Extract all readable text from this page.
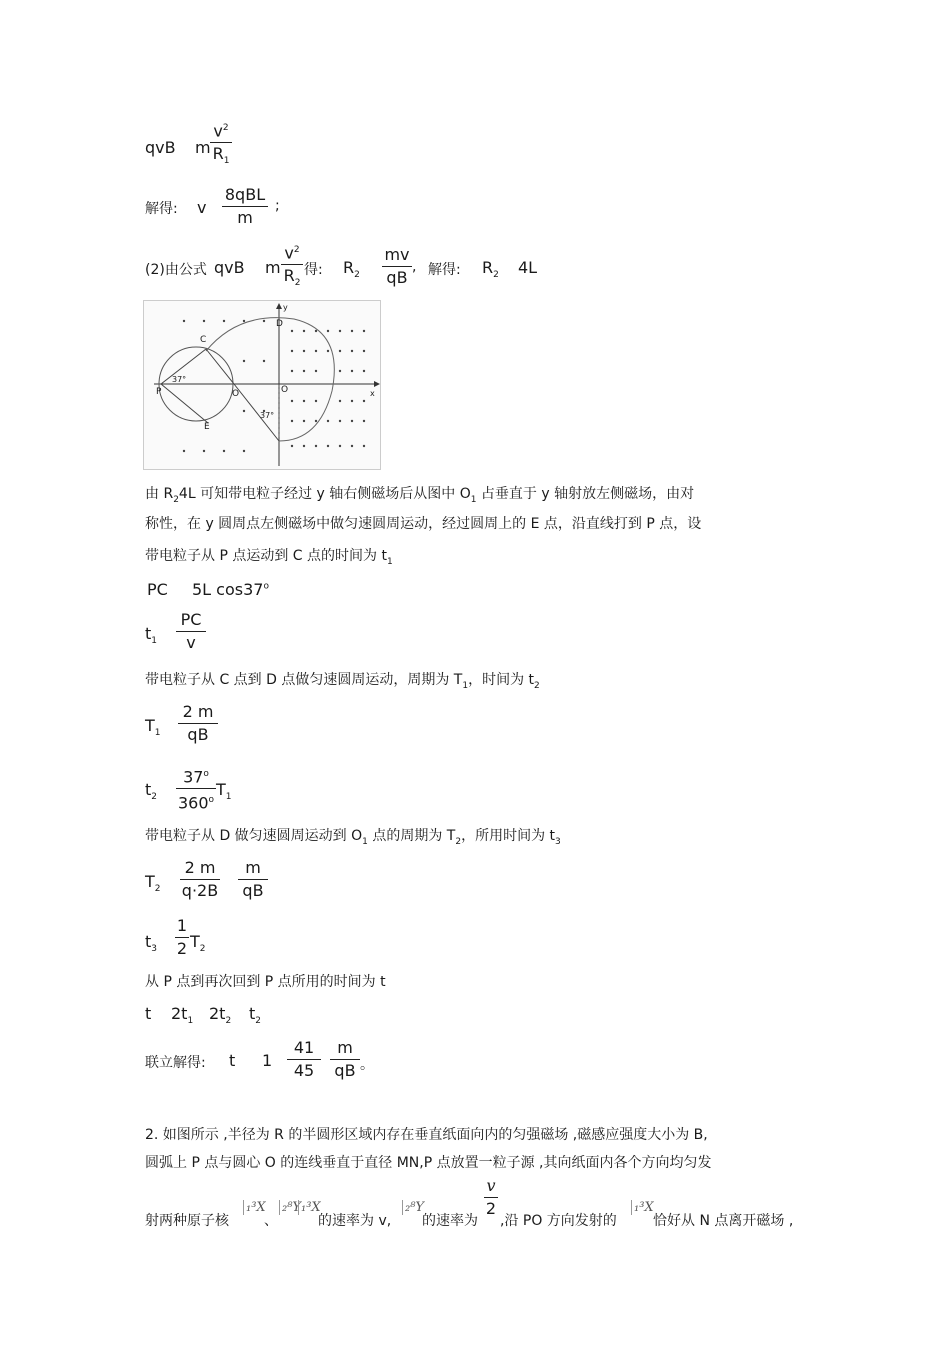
qvB m
$v^2$
$R_1$
解得: v
8qBL
m
;
(2)由公式 qvB m
$v^2$
$R_2$
得: $R_2$
mv
qB
, 解得: $R_2$ 4L
D
C
P	O	O
E
37°
37°
x
y
由 $R_24L$ 可知带电粒子经过 y 轴右侧磁场后从图中 $O_1$ 占垂直于 y 轴射放左侧磁场，由对
称性，在 y 圆周点左侧磁场中做匀速圆周运动，经过圆周上的 E 点，沿直线打到 P 点，设
带电粒子从 P 点运动到 C 点的时间为 $t_1$
PC 5L cos37$^o$
$t_1$
PC
v
带电粒子从 C 点到 D 点做匀速圆周运动，周期为 $T_1$，时间为 $t_2$
$T_1$
2 m
qB
$t_2$
37$^o$
360$^o$
$T_1$
带电粒子从 D 做匀速圆周运动到 $O_1$ 点的周期为 $T_2$，所用时间为 $t_3$
$T_2$
2 m
q·2B
m
qB
$t_3$
1
2 $T_2$
从 P 点到再次回到 P 点所用的时间为 t
t $2t_1$ $2t_2$ $t_2$
联立解得: t 1
41
45
m
qB 。
2. 如图所示 ,半径为 R 的半圆形区域内存在垂直纸面向内的匀强磁场 ,磁感应强度大小为 B,
圆弧上 P 点与圆心 O 的连线垂直于直径 MN,P 点放置一粒子源 ,其向纸面内各个方向均匀发
射两种原子核
₁³X
、
₂⁸Y ₁³X
的速率为 v,
₂⁸Y
的速率为
v
2
,沿 PO 方向发射的
₁³X
恰好从 N 点离开磁场 ,
